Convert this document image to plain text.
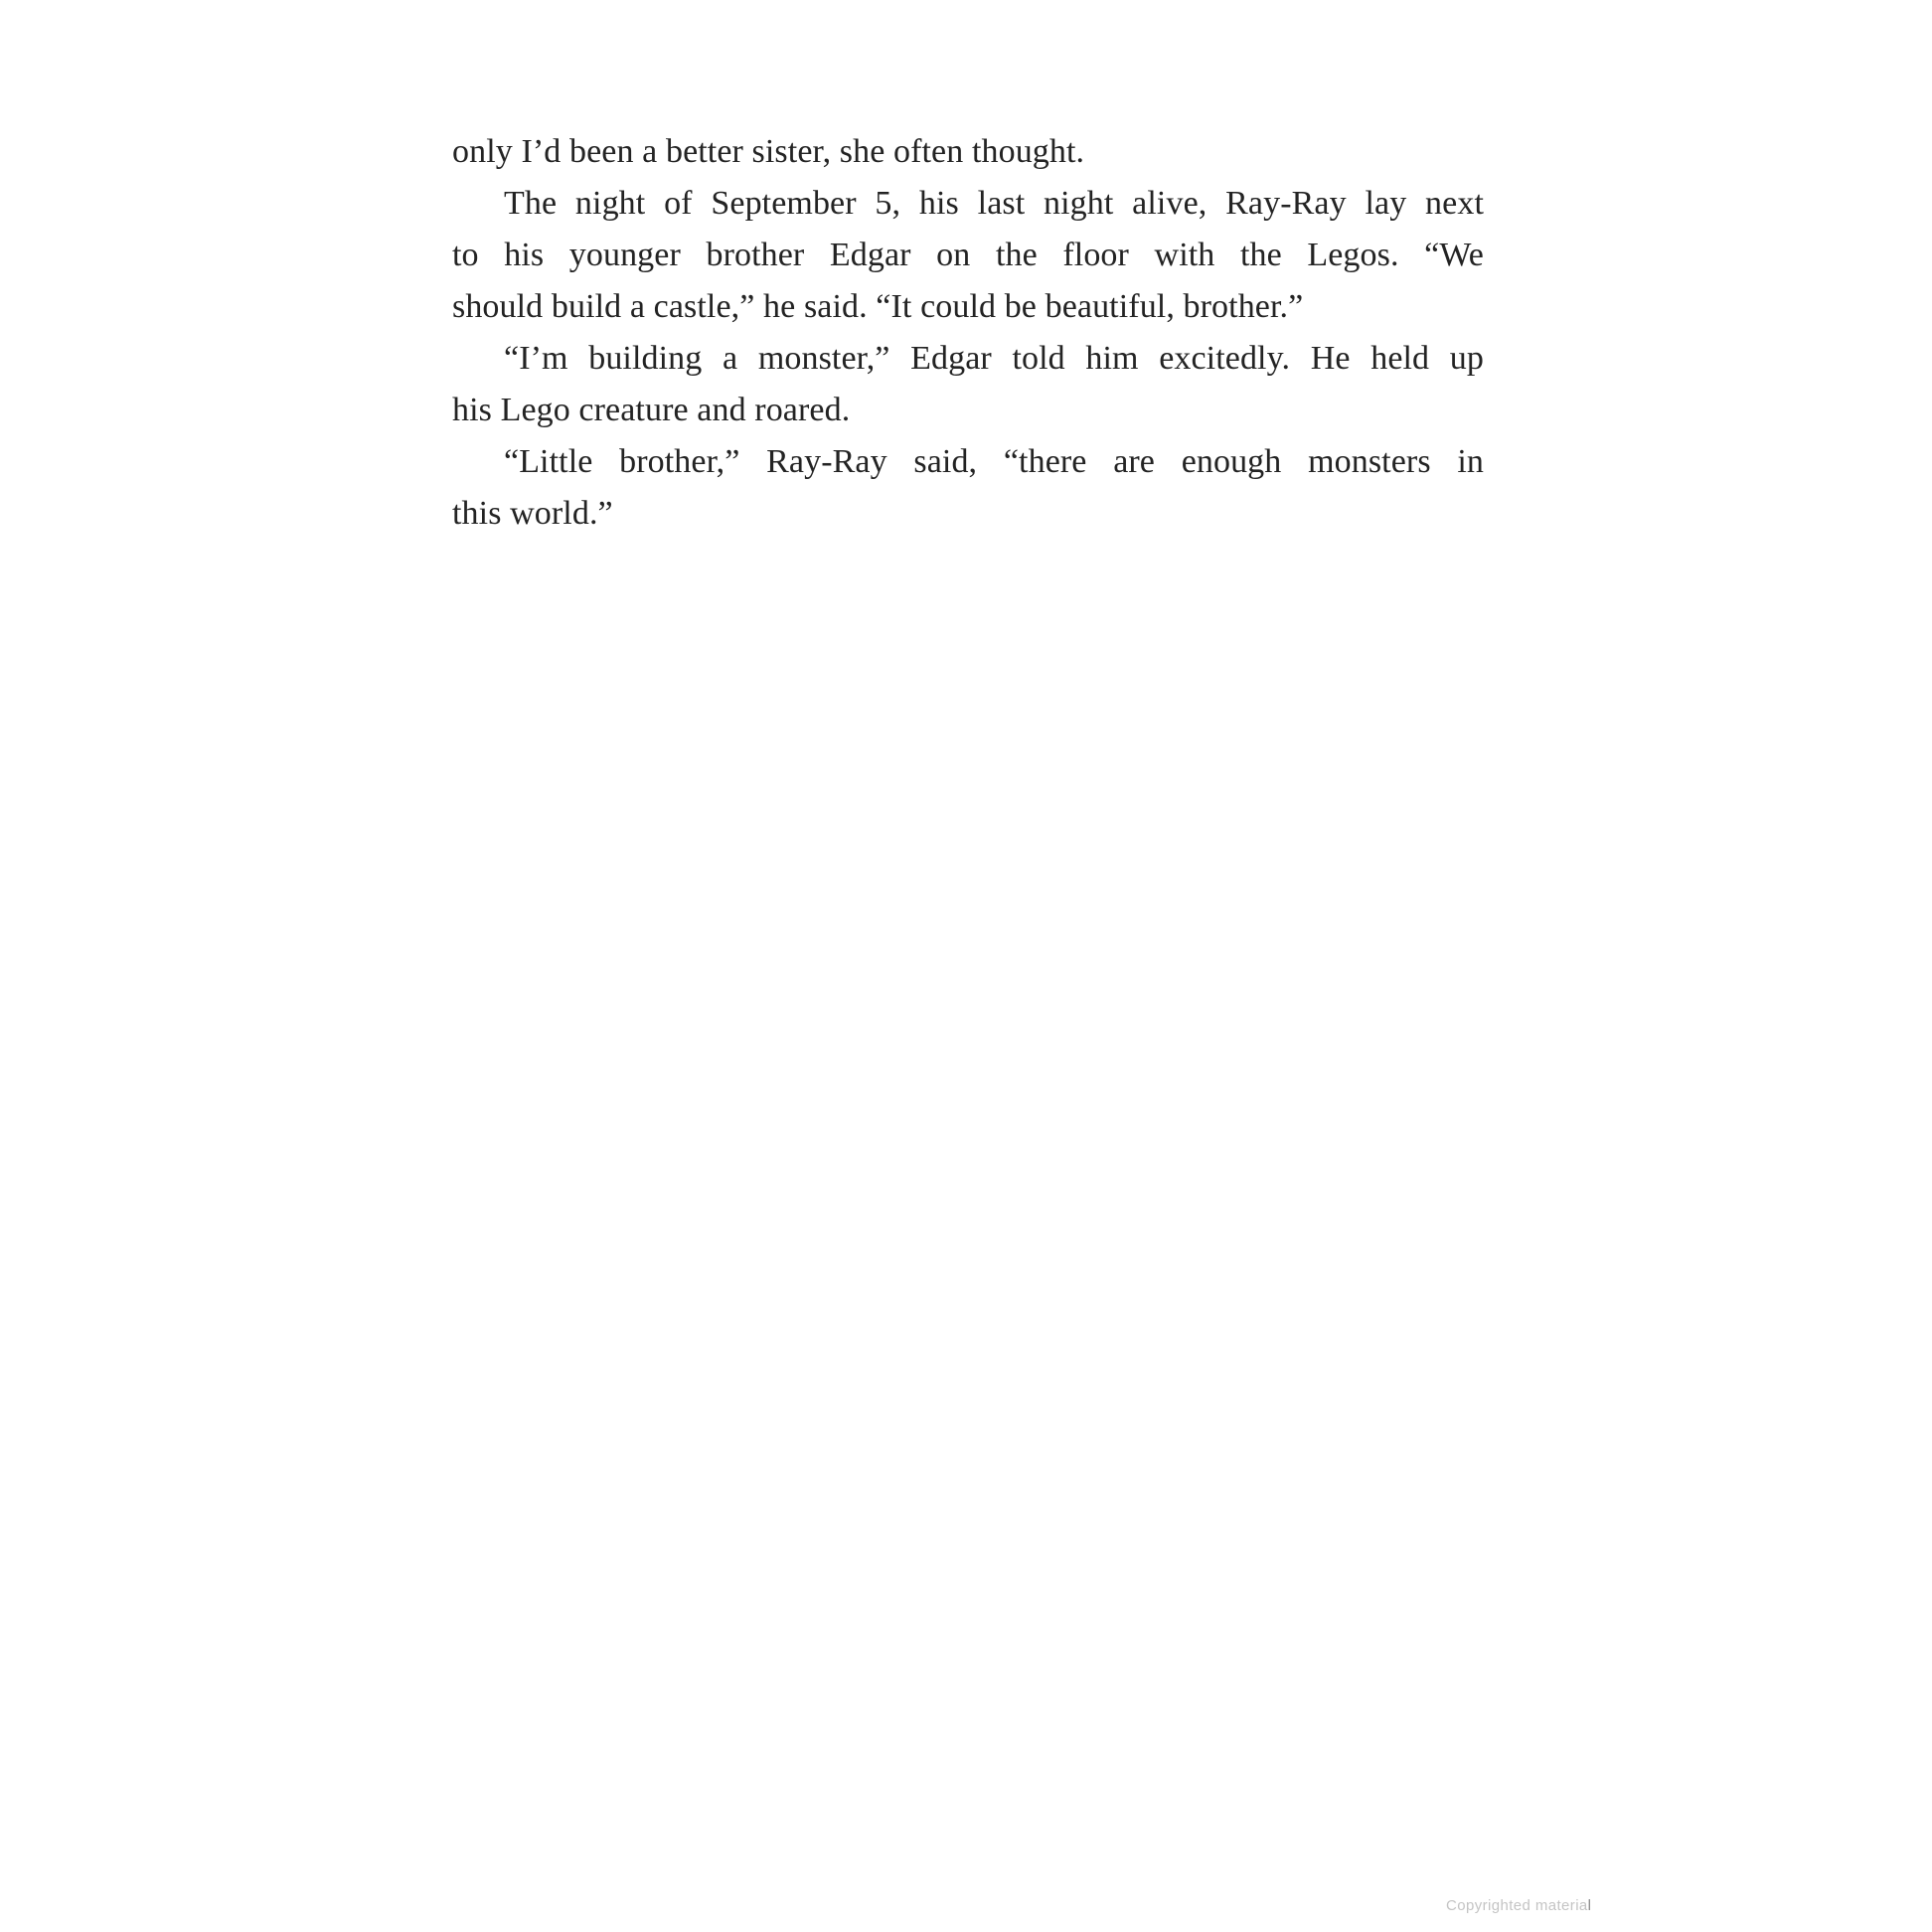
only I’d been a better sister, she often thought.
The night of September 5, his last night alive, Ray-Ray lay next
to his younger brother Edgar on the floor with the Legos. “We
should build a castle,” he said. “It could be beautiful, brother.”
“I’m building a monster,” Edgar told him excitedly. He held up
his Lego creature and roared.
“Little brother,” Ray-Ray said, “there are enough monsters in
this world.”
Copyrighted material
